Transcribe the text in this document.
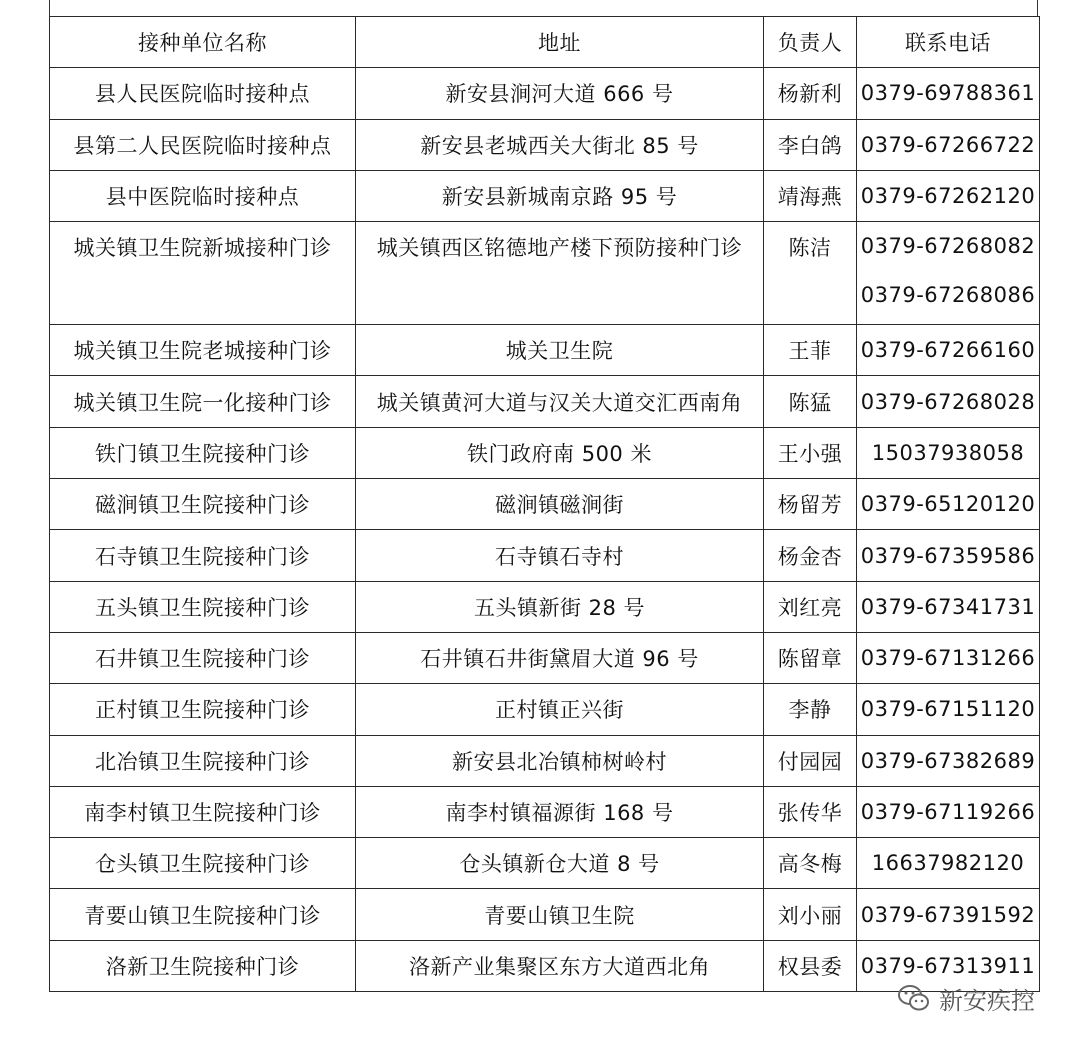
接种单位名称	地址	负责人	联系电话
县人民医院临时接种点	新安县涧河大道 666 号	杨新利	0379-69788361
县第二人民医院临时接种点	新安县老城西关大街北 85 号	李白鸽	0379-67266722
县中医院临时接种点	新安县新城南京路 95 号	靖海燕	0379-67262120
城关镇卫生院新城接种门诊	城关镇西区铭德地产楼下预防接种门诊	陈洁	0379-67268082
0379-67268086

城关镇卫生院老城接种门诊	城关卫生院	王菲	0379-67266160
城关镇卫生院一化接种门诊	城关镇黄河大道与汉关大道交汇西南角	陈猛	0379-67268028
铁门镇卫生院接种门诊	铁门政府南 500 米	王小强	15037938058
磁涧镇卫生院接种门诊	磁涧镇磁涧街	杨留芳	0379-65120120
石寺镇卫生院接种门诊	石寺镇石寺村	杨金杏	0379-67359586
五头镇卫生院接种门诊	五头镇新街 28 号	刘红亮	0379-67341731
石井镇卫生院接种门诊	石井镇石井街黛眉大道 96 号	陈留章	0379-67131266
正村镇卫生院接种门诊	正村镇正兴街	李静	0379-67151120
北冶镇卫生院接种门诊	新安县北冶镇柿树岭村	付园园	0379-67382689
南李村镇卫生院接种门诊	南李村镇福源街 168 号	张传华	0379-67119266
仓头镇卫生院接种门诊	仓头镇新仓大道 8 号	高冬梅	16637982120
青要山镇卫生院接种门诊	青要山镇卫生院	刘小丽	0379-67391592
洛新卫生院接种门诊	洛新产业集聚区东方大道西北角	权县委	0379-67313911
新安疾控
